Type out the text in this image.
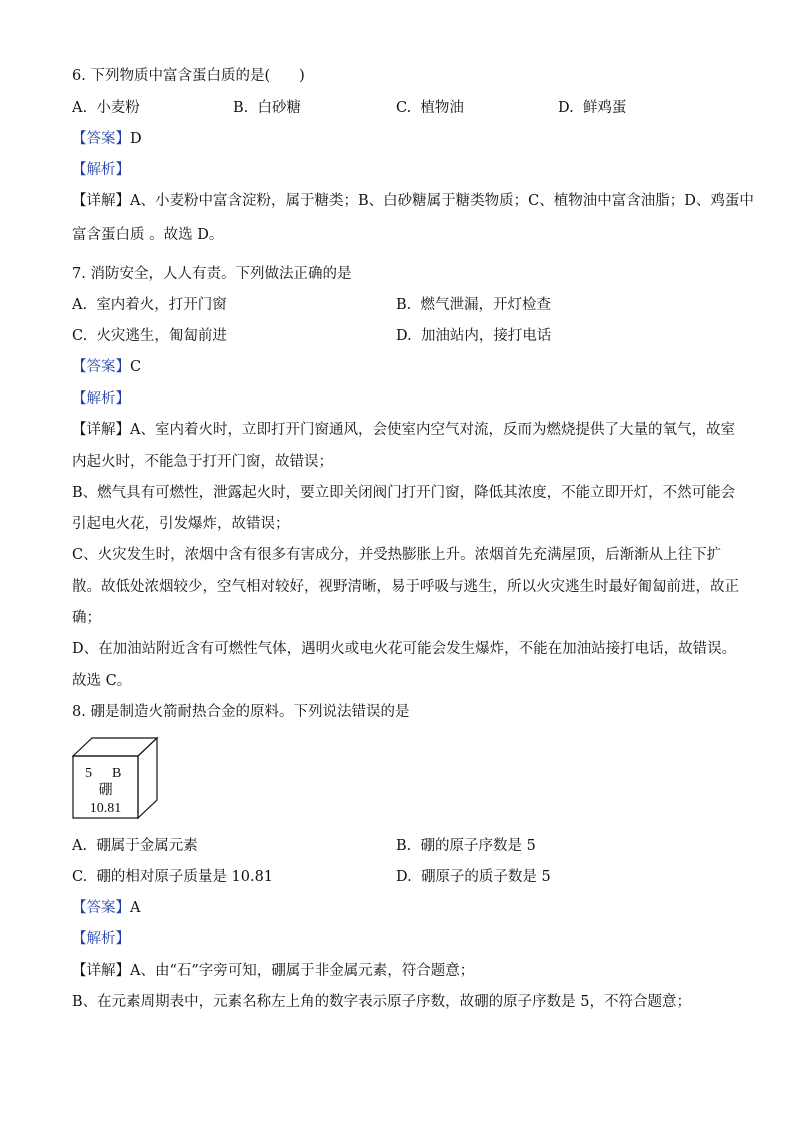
6. 下列物质中富含蛋白质的是(　　)
A. 小麦粉	B. 白砂糖	C. 植物油	D. 鲜鸡蛋
【答案】D
【解析】
【详解】A、小麦粉中富含淀粉，属于糖类；B、白砂糖属于糖类物质；C、植物油中富含油脂；D、鸡蛋中
富含蛋白质 。故选 D。
7. 消防安全，人人有责。下列做法正确的是
A. 室内着火，打开门窗	B. 燃气泄漏，开灯检查
C. 火灾逃生，匍匐前进	D. 加油站内，接打电话
【答案】C
【解析】
【详解】A、室内着火时，立即打开门窗通风，会使室内空气对流，反而为燃烧提供了大量的氧气，故室
内起火时，不能急于打开门窗，故错误；
B、燃气具有可燃性，泄露起火时，要立即关闭阀门打开门窗，降低其浓度，不能立即开灯，不然可能会
引起电火花，引发爆炸，故错误；
C、火灾发生时，浓烟中含有很多有害成分，并受热膨胀上升。浓烟首先充满屋顶，后渐渐从上往下扩
散。故低处浓烟较少，空气相对较好，视野清晰，易于呼吸与逃生，所以火灾逃生时最好匍匐前进，故正
确；
D、在加油站附近含有可燃性气体，遇明火或电火花可能会发生爆炸，不能在加油站接打电话，故错误。
故选 C。
8. 硼是制造火箭耐热合金的原料。下列说法错误的是
5 B
硼
10.81
A. 硼属于金属元素	B. 硼的原子序数是 5
C. 硼的相对原子质量是 10.81	D. 硼原子的质子数是 5
【答案】A
【解析】
【详解】A、由“石”字旁可知，硼属于非金属元素，符合题意；
B、在元素周期表中，元素名称左上角的数字表示原子序数，故硼的原子序数是 5，不符合题意；
